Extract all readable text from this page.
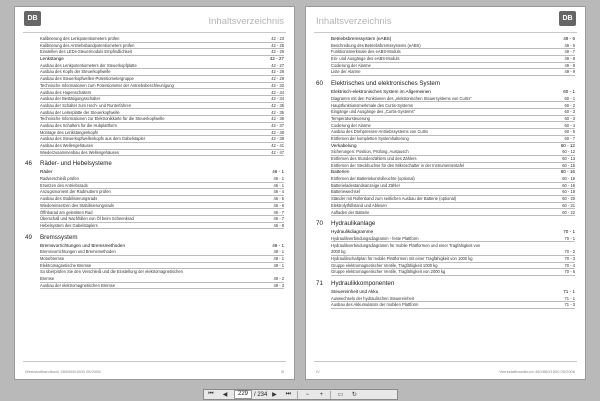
DB	Inhaltsverzeichnis
Kalibrierung des Lenkpotentiometers prüfen	42 - 23
Kalibrierung des Antriebsbandpotentiometers prüfen	42 - 25
Einstellen des LEDs-Steuermoduls Empfindlichkeit	42 - 26
Lenkstange	42 - 27
Ausbau des Lenkpotentiometers der Steuerkopfplatte	42 - 27
Ausbau des Kopfs der Steuerkopfwelle	42 - 28
Ausbau des Steuerkopfwellen-Potentiometergruppe	42 - 29
Technische Informationen zum Potentiometer der Antriebsbeschleunigung	42 - 32
Ausbau des Hupenschalters	42 - 34
Ausbau der Bestätigungsschalter	42 - 34
Ausbau der Schalter zum Hoch- und Runterfahren	42 - 35
Ausbau der Leiterplatte der Steuerkopfwelle	42 - 35
Technische Informationen zur Elektronikkarte für die Steuerkopfwelle	42 - 36
Ausbau des Schalters für die Hubplattform	42 - 37
Montage des Lenkstangenkopfs	42 - 38
Ausbau des Steuerkopfwellenkopfs aus dem Gabelstapler	42 - 39
Ausbau des Wellengehäuses	42 - 41
Wiederzusammenbau des Wellengehäuses	42 - 47
46 Räder- und Hebelsysteme
Räder	46 - 1
Radverschleiß prüfen	46 - 1
Ersetzen des Antriebsrads	46 - 1
Anzugsmoment der Radmuttern prüfen	46 - 4
Ausbau des Stabilisierungsrads	46 - 5
Wiedereinsetzen des Stabilisierungsrads	46 - 6
Öffnbarad am gelenkten Rad	46 - 7
Überschall und Nachfüllen von Öl beim Scheenkrad	46 - 7
Hebelsystem des Gabelstaplers	46 - 8
49 Bremssystem
Bremsvorrichtungen und Bremsmethoden	49 - 1
Bremsvorrichtungen und Bremsmethoden	49 - 1
Motorbremse	49 - 1
Elektromagnetische Bremse	49 - 1
So überprüfen Sie den Verschleiß und die Einstellung der elektromagnetischen
Bremse	49 - 2
Ausbau der elektromagnetischen Bremse	49 - 3
Werkstatthandbuch 450/860/1500 05/2006	III
DB
Inhaltsverzeichnis
Betriebsbremssystem (eABS)	49 - 6
Beschreibung des Betriebsbremssystems (eABS)	49 - 6
Funktionsmerkmale des eABS-Moduls	49 - 7
Ein- und Ausgänge des eABS-Moduls	49 - 8
Codierung der Alarme	49 - 8
Liste der Alarme	49 - 9
60 Elektrisches und elektronisches System
Elektrisch-elektronisches System im Allgemeinen	60 - 1
Diagramm mit den Funktionen des „elektronischen Steuersystems von Curtis“	60 - 1
Hauptfunktionsmerkmale des Curtis-Systems	60 - 2
Eingänge und Ausgänge des „Curtis-Systems“	60 - 3
Temperatursteuerung	60 - 3
Codierung der Alarme	60 - 4
Ausbau des Drehpressen-Antriebssystems von Curtis	60 - 5
Entfernen der kompletten Systemhalterung	60 - 7
Verkabelung	60 - 12
Sicherungen: Position, Prüfung, Austausch	60 - 12
Entfernen des Stundenzählers und des Zählers	60 - 13
Entfernen der Steckbuchse für den Mikroschalter in der Instrumententafel	60 - 15
Batterien	60 - 16
Entfernen der Batteriekontrolleuchte (optional)	60 - 16
Batterieladestandsanzeige und Zähler	60 - 16
Batteriewechsel	60 - 18
Ständer mit Rollenband zum seitlichen Ausbau der Batterie (optional)	60 - 20
Elektrolytfüllstand und Ablesen	60 - 21
Aufladen der Batterie	60 - 22
70 Hydraulikanlage
Hydraulikdiagramme	70 - 1
Hydraulikverbindungsdiagramm - feste Plattform	70 - 1
Hydraulikverbindungsdiagramm für mobile Plattformen und einer Tragfähigkeit von
2000 kg	70 - 2
Hydraulikschaltplan für mobile Plattformen mit einer Tragfähigkeit von 1000 kg	70 - 3
Gruppe elektromagnetischer Ventile, Tragfähigkeit 1000 kg	70 - 4
Gruppe elektromagnetischer Ventile, Tragfähigkeit von 2000 kg	70 - 5
71 Hydraulikkomponenten
Steuereinheit und Akku	71 - 1
Auswechseln der hydraulischen Steuereinheit	71 - 1
Ausbau des Akkumulators der mobilen Plattform	71 - 3
IV	Werkstatthandbuch 450/860/1500 05/2006
⏮	◀	229	/ 234 ▶	⏭	−	+	▭	↻
